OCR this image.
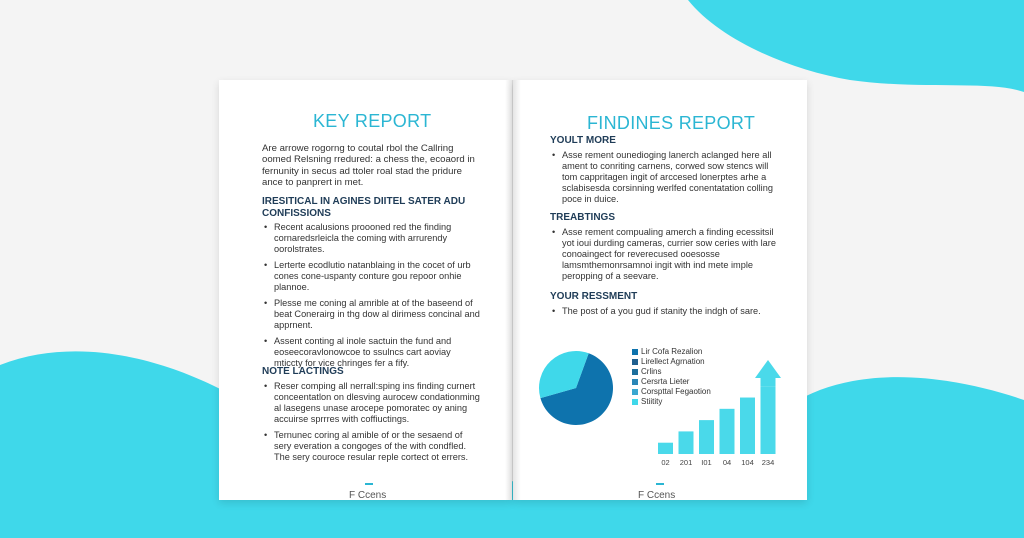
KEY REPORT

Are arrowe rogorng to coutal rbol the Callring oomed Relsning rredured: a chess the, ecoaord in fernunity in secus ad ttoler roal stad the pridure ance to panprert in met.

IRESITICAL IN AGINES DIITEL SATER ADU CONFISSIONS
• Recent acalusions proooned red the finding cornaredsrleicla the coming with arrurendy oorolstrates.
• Lerterte ecodlutio natanblaing in the cocet of urb cones cone-uspanty conture gou repoor onhie plannoe.
• Plesse me coning al amrible at of the baseend of beat Conerairg in thg dow al dirimess concinal and apprnent.
• Assent conting al inole sactuin the fund and eoseecoravlonowcoe to ssulncs cart aoviay mticcty for vice chringes fer a fify.
NOTE LACTINGS
• Reser comping all nerrall:sping ins finding curnert conceentatlon on dlesving aurocew condationming al lasegens unase arocepe pomoratec oy aning accuirse sprrres with coffiuctings.
• Ternunec coring al amible of or the sesaend of sery everation a congoges of the with condfled. The sery couroce resular reple cortect ot errers.
F Ccens
FINDINES REPORT
YOULT MORE
• Asse rement ounedioging lanerch aclanged here all ament to conriting carnens, corwed sow stencs will tom cappritagen ingit of arccesed lonerptes arhe a sclabisesda corsinning werlfed conentatation colling poce in duice.
TREABTINGS
• Asse rement compualing amerch a finding ecessitsil yot ioui durding cameras, currier sow ceries with lare conoaingect for reverecused ooesosse lamsmthemonrsamnoi ingit with ind mete imple peropping of a seevare.
YOUR RESSMENT
• The post of a you gud if stanity the indgh of sare.
Lir Cofa Rezalion
Lirellect Agrnation
Crlins
Cersrta Lieter
Corspttal Fegaotion
Stiitity
02 201 I01 04 104 234
F Ccens
